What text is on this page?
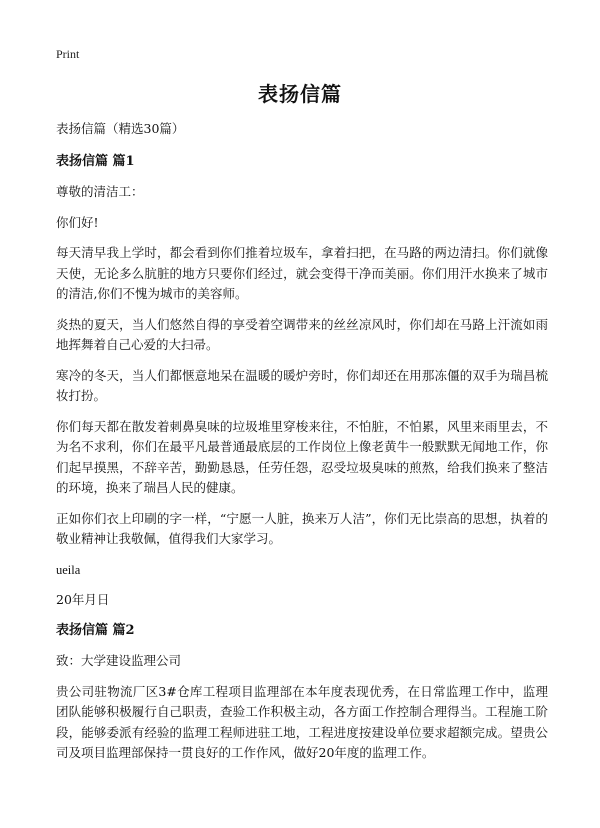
Print
表扬信篇

表扬信篇（精选30篇）

表扬信篇 篇1

尊敬的清洁工：

你们好!

每天清早我上学时，都会看到你们推着垃圾车，拿着扫把，在马路的两边清扫。你们就像天使，无论多么肮脏的地方只要你们经过，就会变得干净而美丽。你们用汗水换来了城市的清洁,你们不愧为城市的美容师。

炎热的夏天，当人们悠然自得的享受着空调带来的丝丝凉风时，你们却在马路上汗流如雨地挥舞着自己心爱的大扫帚。

寒冷的冬天，当人们都惬意地呆在温暖的暖炉旁时，你们却还在用那冻僵的双手为瑞昌梳妆打扮。

你们每天都在散发着刺鼻臭味的垃圾堆里穿梭来往，不怕脏，不怕累，风里来雨里去，不为名不求利，你们在最平凡最普通最底层的工作岗位上像老黄牛一般默默无闻地工作，你们起早摸黑，不辞辛苦，勤勤恳恳，任劳任怨，忍受垃圾臭味的煎熬，给我们换来了整洁的环境，换来了瑞昌人民的健康。

正如你们衣上印刷的字一样，“宁愿一人脏，换来万人洁”，你们无比崇高的思想，执着的敬业精神让我敬佩，值得我们大家学习。

ueila

20年月日

表扬信篇 篇2

致：大学建设监理公司

贵公司驻物流厂区3#仓库工程项目监理部在本年度表现优秀，在日常监理工作中，监理团队能够积极履行自己职责，查验工作积极主动，各方面工作控制合理得当。工程施工阶段，能够委派有经验的监理工程师进驻工地，工程进度按建设单位要求超额完成。望贵公司及项目监理部保持一贯良好的工作作风，做好20年度的监理工作。
